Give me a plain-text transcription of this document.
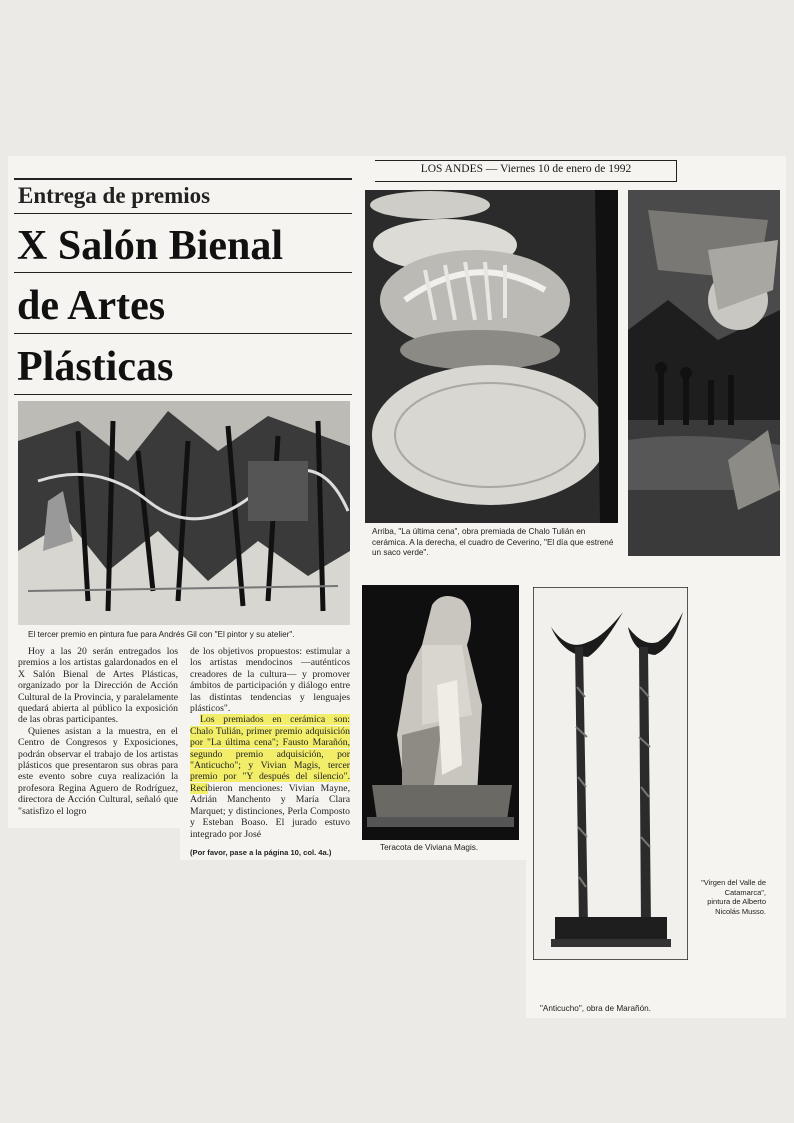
LOS ANDES — Viernes 10 de enero de 1992
Entrega de premios
X Salón Bienal
de Artes
Plásticas
El tercer premio en pintura fue para Andrés Gil con "El pintor y su atelier".

Hoy a las 20 serán entregados los premios a los artistas galardonados en el X Salón Bienal de Artes Plásticas, organizado por la Dirección de Acción Cultural de la Provincia, y paralelamente quedará abierta al público la exposición de las obras participantes.

Quienes asistan a la muestra, en el Centro de Congresos y Exposiciones, podrán observar el trabajo de los artistas plásticos que presentaron sus obras para este evento sobre cuya realización la profesora Regina Aguero de Rodríguez, directora de Acción Cultural, señaló que "satisfizo el logro

de los objetivos propuestos: estimular a los artistas mendocinos —auténticos creadores de la cultura— y promover ámbitos de participación y diálogo entre las distintas tendencias y lenguajes plásticos".

Los premiados en cerámica son: Chalo Tulián, primer premio adquisición por "La última cena"; Fausto Marañón, segundo premio adquisición, por "Anticucho"; y Vivian Magis, tercer premio por "Y después del silencio". Recibieron menciones: Vivian Mayne, Adrián Manchento y María Clara Marquet; y distinciones, Perla Composto y Esteban Boaso. El jurado estuvo integrado por José

(Por favor, pase a la página 10, col. 4a.)
Arriba, "La última cena", obra premiada de Chalo Tulián en cerámica. A la derecha, el cuadro de Ceverino, "El día que estrené un saco verde".
Teracota de Viviana Magis.
"Virgen del Valle de Catamarca", pintura de Alberto Nicolás Musso.
"Anticucho", obra de Marañón.
